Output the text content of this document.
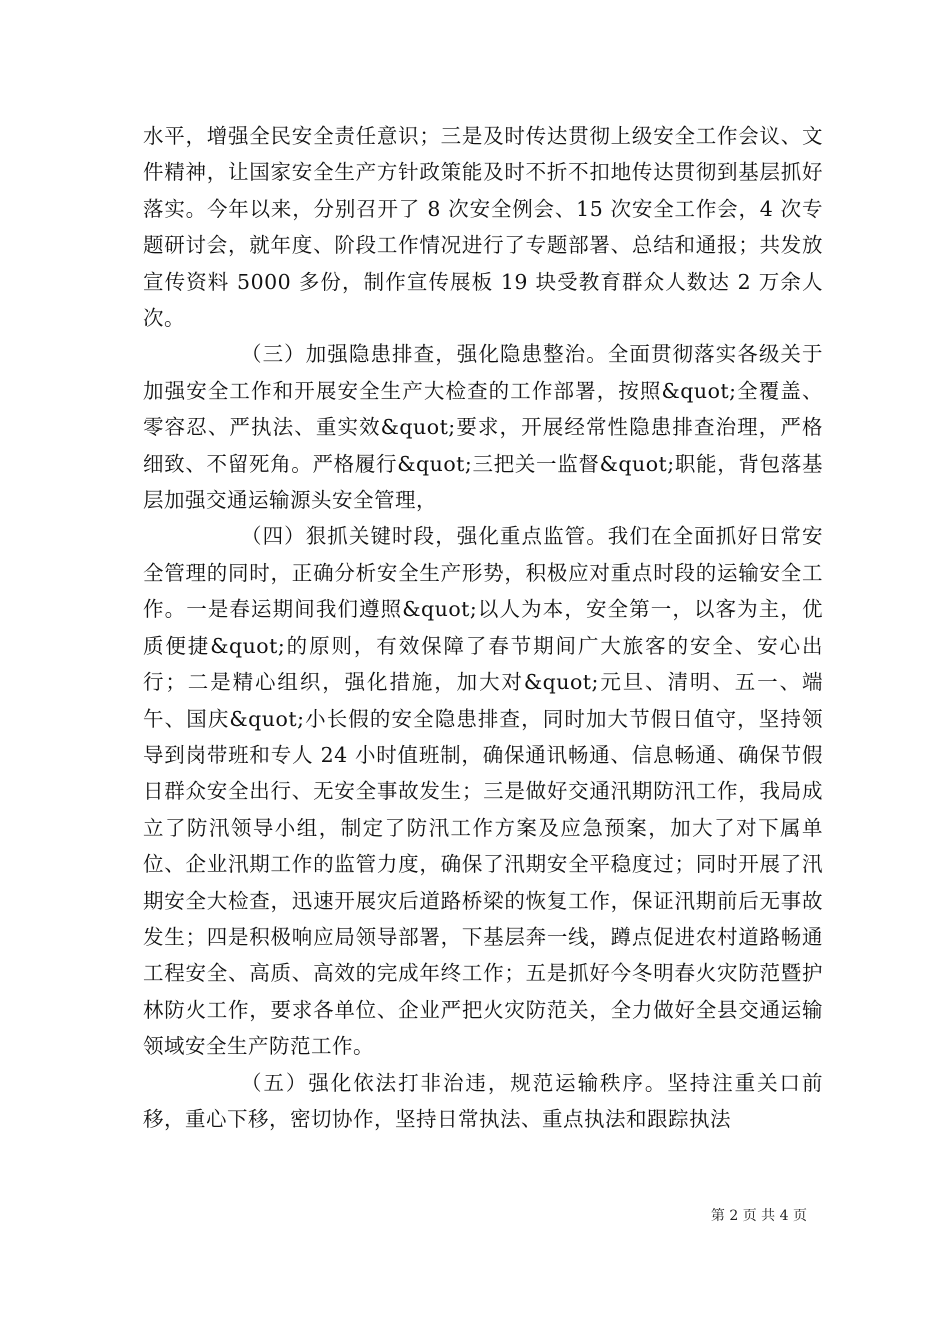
水平，增强全民安全责任意识；三是及时传达贯彻上级安全工作会议、文件精神，让国家安全生产方针政策能及时不折不扣地传达贯彻到基层抓好落实。今年以来，分别召开了 8 次安全例会、15 次安全工作会，4 次专题研讨会，就年度、阶段工作情况进行了专题部署、总结和通报；共发放宣传资料 5000 多份，制作宣传展板 19 块受教育群众人数达 2 万余人次。

（三）加强隐患排查，强化隐患整治。全面贯彻落实各级关于加强安全工作和开展安全生产大检查的工作部署，按照&quot;全覆盖、零容忍、严执法、重实效&quot;要求，开展经常性隐患排查治理，严格细致、不留死角。严格履行&quot;三把关一监督&quot;职能，背包落基层加强交通运输源头安全管理，

（四）狠抓关键时段，强化重点监管。我们在全面抓好日常安全管理的同时，正确分析安全生产形势，积极应对重点时段的运输安全工作。一是春运期间我们遵照&quot;以人为本，安全第一，以客为主，优质便捷&quot;的原则，有效保障了春节期间广大旅客的安全、安心出行；二是精心组织，强化措施，加大对&quot;元旦、清明、五一、端午、国庆&quot;小长假的安全隐患排查，同时加大节假日值守，坚持领导到岗带班和专人 24 小时值班制，确保通讯畅通、信息畅通、确保节假日群众安全出行、无安全事故发生；三是做好交通汛期防汛工作，我局成立了防汛领导小组，制定了防汛工作方案及应急预案，加大了对下属单位、企业汛期工作的监管力度，确保了汛期安全平稳度过；同时开展了汛期安全大检查，迅速开展灾后道路桥梁的恢复工作，保证汛期前后无事故发生；四是积极响应局领导部署，下基层奔一线，蹲点促进农村道路畅通工程安全、高质、高效的完成年终工作；五是抓好今冬明春火灾防范暨护林防火工作，要求各单位、企业严把火灾防范关，全力做好全县交通运输领域安全生产防范工作。

（五）强化依法打非治违，规范运输秩序。坚持注重关口前移，重心下移，密切协作，坚持日常执法、重点执法和跟踪执法

第 2 页 共 4 页
